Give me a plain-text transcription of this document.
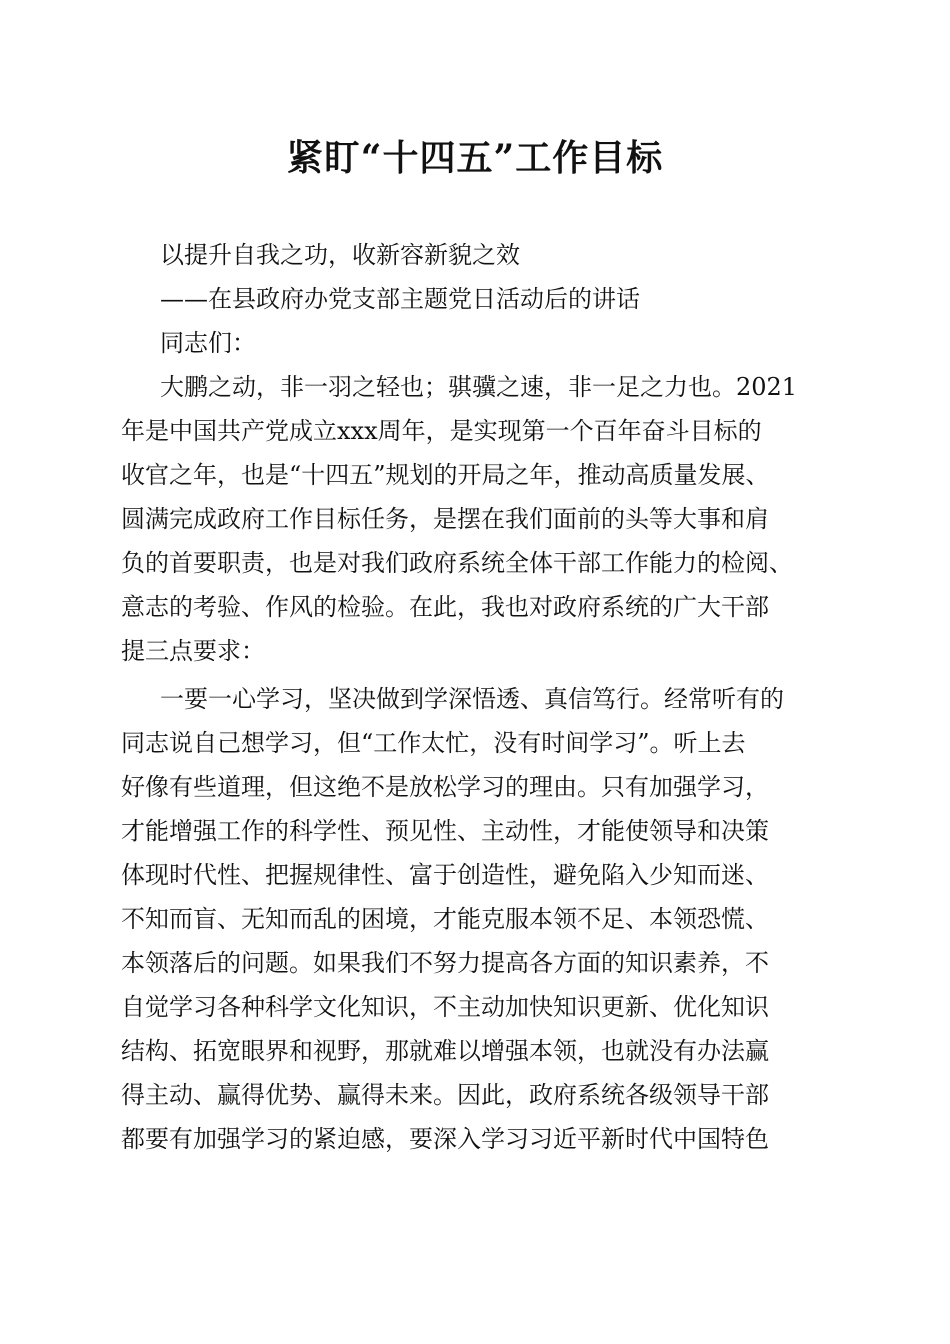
紧盯“十四五”工作目标

以提升自我之功，收新容新貌之效

——在县政府办党支部主题党日活动后的讲话

同志们：

大鹏之动，非一羽之轻也；骐骥之速，非一足之力也。2021

年是中国共产党成立xxx周年，是实现第一个百年奋斗目标的

收官之年，也是“十四五”规划的开局之年，推动高质量发展、

圆满完成政府工作目标任务，是摆在我们面前的头等大事和肩

负的首要职责，也是对我们政府系统全体干部工作能力的检阅、

意志的考验、作风的检验。在此，我也对政府系统的广大干部

提三点要求：

一要一心学习，坚决做到学深悟透、真信笃行。经常听有的

同志说自己想学习，但“工作太忙，没有时间学习”。听上去

好像有些道理，但这绝不是放松学习的理由。只有加强学习，

才能增强工作的科学性、预见性、主动性，才能使领导和决策

体现时代性、把握规律性、富于创造性，避免陷入少知而迷、

不知而盲、无知而乱的困境，才能克服本领不足、本领恐慌、

本领落后的问题。如果我们不努力提高各方面的知识素养，不

自觉学习各种科学文化知识，不主动加快知识更新、优化知识

结构、拓宽眼界和视野，那就难以增强本领，也就没有办法赢

得主动、赢得优势、赢得未来。因此，政府系统各级领导干部

都要有加强学习的紧迫感，要深入学习习近平新时代中国特色
